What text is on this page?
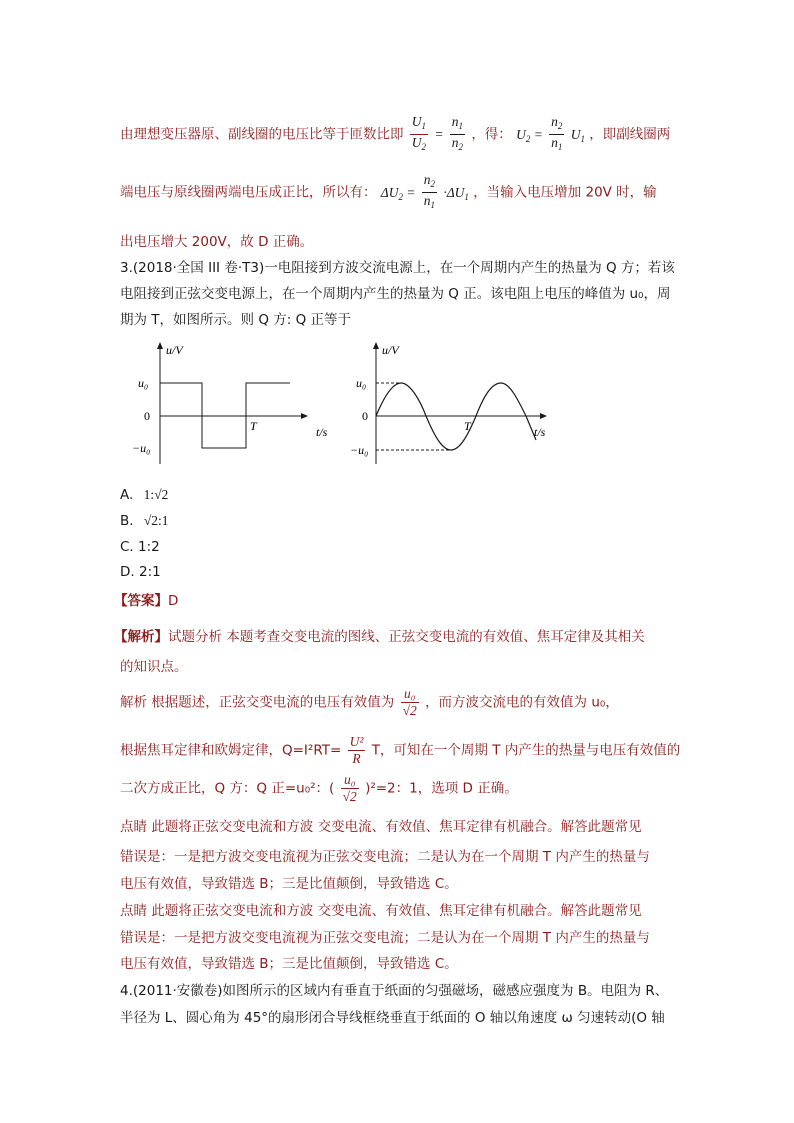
由理想变压器原、副线圈的电压比等于匝数比即 $\frac{U_1}{U_2} = \frac{n_1}{n_2}$ ，得： $U_2 = \frac{n_2}{n_1} U_1$ ，即副线圈两
端电压与原线圈两端电压成正比，所以有： $\Delta U_2 = \frac{n_2}{n_1} \cdot\Delta U_1$ ，当输入电压增加 20V 时，输
出电压增大 200V，故 D 正确。
3.(2018·全国 III 卷·T3)一电阻接到方波交流电源上，在一个周期内产生的热量为 Q 方；若该
电阻接到正弦交变电源上，在一个周期内产生的热量为 Q 正。该电阻上电压的峰值为 u₀，周
期为 T，如图所示。则 Q 方: Q 正等于
u/V
u₀
0
−u₀
T	t/s
u/V
u₀
0
−u₀
T	t/s
A. 1:√2
B. √2:1
C. 1:2
D. 2:1
【答案】D
【解析】试题分析 本题考查交变电流的图线、正弦交变电流的有效值、焦耳定律及其相关
的知识点。
解析 根据题述，正弦交变电流的电压有效值为 $\frac{\text{u₀}}{√2}$ ，而方波交流电的有效值为 u₀，
根据焦耳定律和欧姆定律，$Q=I^2RT= \frac{\text{U²}}{R}$ T，可知在一个周期 T 内产生的热量与电压有效值的
二次方成正比，Q 方：Q 正=u₀²：( $\frac{\text{u₀}}{√2} )^2=2$：1，选项 D 正确。
点睛 此题将正弦交变电流和方波 交变电流、有效值、焦耳定律有机融合。解答此题常见
错误是：一是把方波交变电流视为正弦交变电流；二是认为在一个周期 T 内产生的热量与
电压有效值，导致错选 B；三是比值颠倒，导致错选 C。
点睛 此题将正弦交变电流和方波 交变电流、有效值、焦耳定律有机融合。解答此题常见
错误是：一是把方波交变电流视为正弦交变电流；二是认为在一个周期 T 内产生的热量与
电压有效值，导致错选 B；三是比值颠倒，导致错选 C。
4.(2011·安徽卷)如图所示的区域内有垂直于纸面的匀强磁场，磁感应强度为 B。电阻为 R、
半径为 L、圆心角为 45°的扇形闭合导线框绕垂直于纸面的 O 轴以角速度 ω 匀速转动(O 轴
